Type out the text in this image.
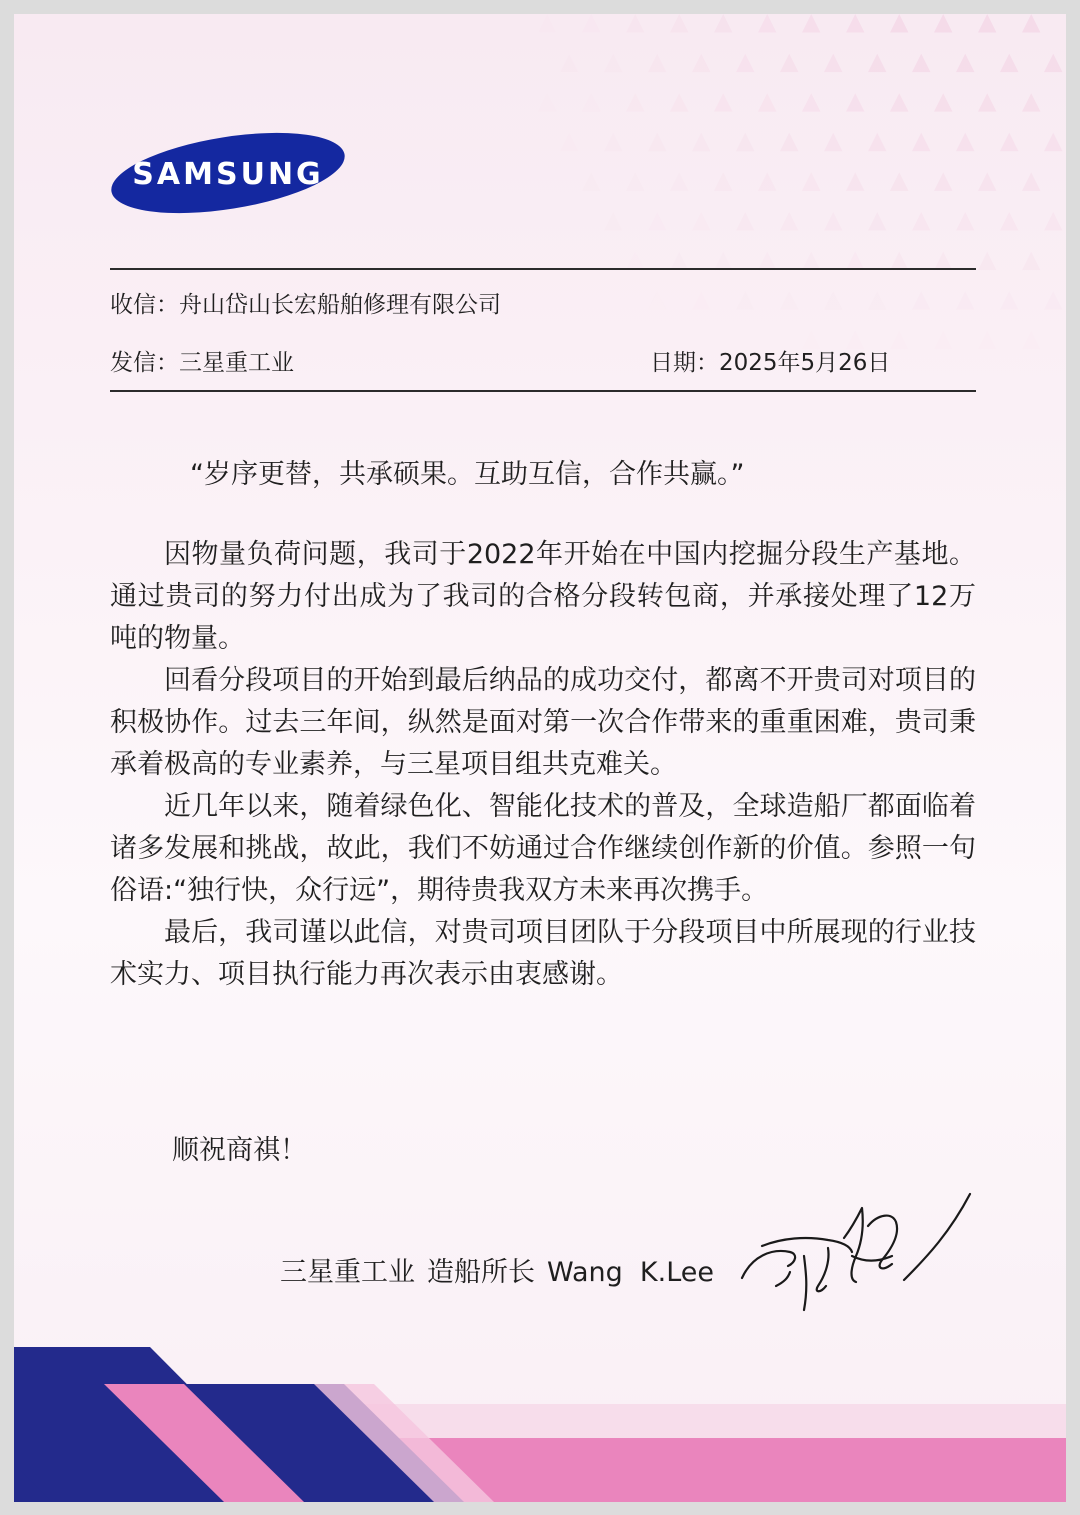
SAMSUNG
收信：舟山岱山长宏船舶修理有限公司
发信：三星重工业	日期：2025年5月26日
“岁序更替，共承硕果。互助互信，合作共赢。”

因物量负荷问题，我司于2022年开始在中国内挖掘分段生产基地。通过贵司的努力付出成为了我司的合格分段转包商，并承接处理了12万吨的物量。

回看分段项目的开始到最后纳品的成功交付，都离不开贵司对项目的积极协作。过去三年间，纵然是面对第一次合作带来的重重困难，贵司秉承着极高的专业素养，与三星项目组共克难关。

近几年以来，随着绿色化、智能化技术的普及，全球造船厂都面临着诸多发展和挑战，故此，我们不妨通过合作继续创作新的价值。参照一句俗语:“独行快，众行远”，期待贵我双方未来再次携手。

最后，我司谨以此信，对贵司项目团队于分段项目中所展现的行业技术实力、项目执行能力再次表示由衷感谢。

顺祝商祺！
三星重工业 造船所长 Wang  K.Lee
